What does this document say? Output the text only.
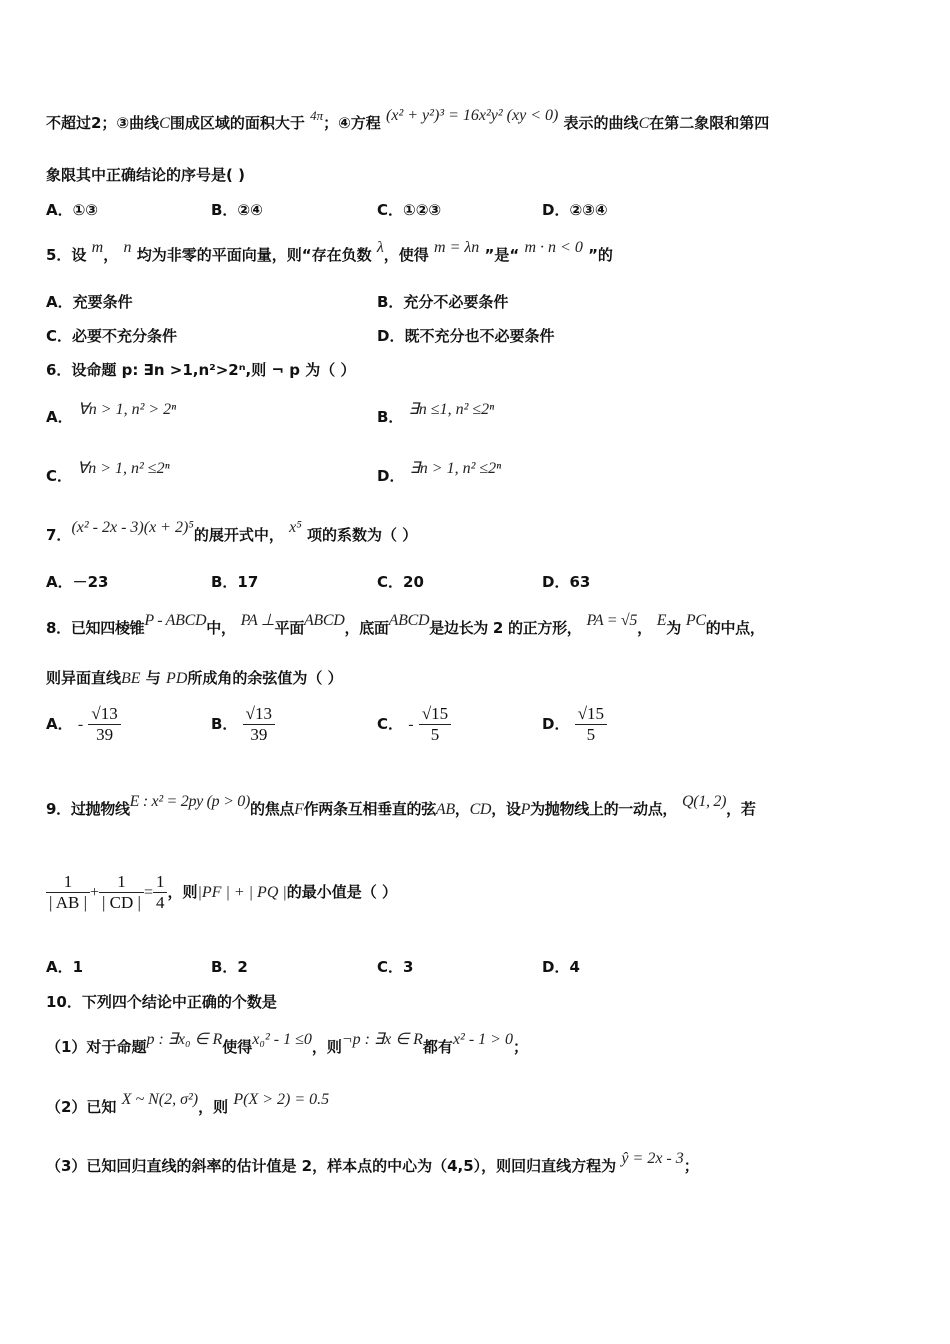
不超过2；③曲线C围成区域的面积大于 4π；④方程 (x² + y²)³ = 16x²y² (xy < 0) 表示的曲线C在第二象限和第四
象限其中正确结论的序号是( )
A．①③	B．②④	C．①②③	D．②③④
5．设 m， n 均为非零的平面向量，则“存在负数 λ，使得 m = λn ”是“ m · n < 0 ”的
A．充要条件	B．充分不必要条件
C．必要不充分条件	D．既不充分也不必要条件
6．设命题 p: ∃n >1,n²>2ⁿ,则 ¬ p 为（ ）
A． ∀n > 1, n² > 2ⁿ	B． ∃n ≤1, n² ≤2ⁿ
C． ∀n > 1, n² ≤2ⁿ	D． ∃n > 1, n² ≤2ⁿ
7．(x² - 2x - 3)(x + 2)⁵的展开式中， x⁵ 项的系数为（ ）
A．－23	B．17	C．20	D．63
8．已知四棱锥P - ABCD中， PA ⊥平面ABCD，底面ABCD是边长为 2 的正方形， PA = √5， E为 PC的中点，
则异面直线BE 与 PD所成角的余弦值为（ ）
A． - $\frac{√13}{39}$	B． $\frac{√13}{39}$	C． - $\frac{√15}{5}$	D． $\frac{√15}{5}$
9．过抛物线E : x² = 2py (p > 0)的焦点F作两条互相垂直的弦AB，CD，设P为抛物线上的一动点， Q(1, 2)，若
$\frac{1}{| AB |} + \frac{1}{| CD |} = \frac{1}{4}$ ，则|PF | + | PQ |的最小值是（ ）
A．1	B．2	C．3	D．4
10．下列四个结论中正确的个数是
（1）对于命题p : ∃x₀ ∈ R使得x₀² - 1 ≤0，则¬p : ∃x ∈ R都有x² - 1 > 0；
（2）已知 X ~ N(2, σ²)，则 P(X > 2) = 0.5
（3）已知回归直线的斜率的估计值是 2，样本点的中心为（4,5），则回归直线方程为 ŷ = 2x - 3；
